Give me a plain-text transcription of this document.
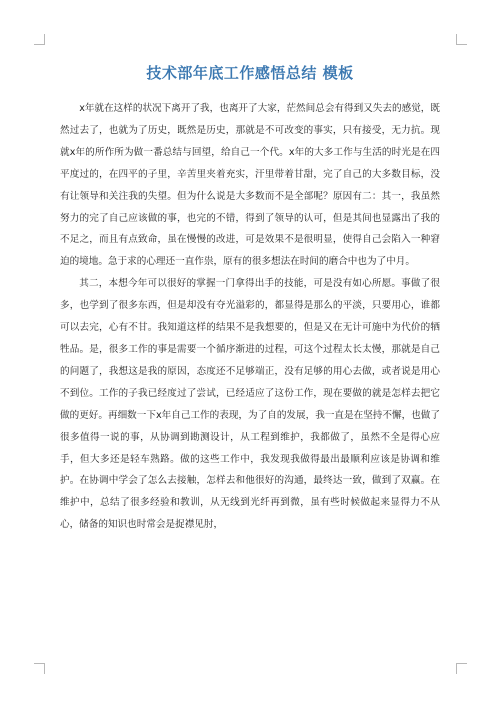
技术部年底工作感悟总结 模板

x年就在这样的状况下离开了我，也离开了大家，茫然间总会有得到又失去的感觉，既然过去了，也就为了历史，既然是历史，那就是不可改变的事实，只有接受，无力抗。现就x年的所作所为做一番总结与回望，给自己一个代。x年的大多工作与生活的时光是在四平度过的，在四平的子里，辛苦里夹着充实，汗里带着甘甜，完了自己的大多数目标，没有让领导和关注我的失望。但为什么说是大多数而不是全部呢？原因有二：其一，我虽然努力的完了自己应该做的事，也完的不错，得到了领导的认可，但是其间也显露出了我的不足之，而且有点致命，虽在慢慢的改进，可是效果不是很明显，使得自己会陷入一种窘迫的境地。急于求的心理还一直作祟，原有的很多想法在时间的磨合中也为了中月。

其二，本想今年可以很好的掌握一门拿得出手的技能，可是没有如心所愿。事做了很多，也学到了很多东西，但是却没有夺光溢彩的，都显得是那么的平淡，只要用心，谁都可以去完，心有不甘。我知道这样的结果不是我想要的，但是又在无计可施中为代价的牺牲品。是，很多工作的事是需要一个循序渐进的过程，可这个过程太长太慢，那就是自己的问题了，我想这是我的原因，态度还不足够端正，没有足够的用心去做，或者说是用心不到位。工作的子我已经度过了尝试，已经适应了这份工作，现在要做的就是怎样去把它做的更好。再细数一下x年自己工作的表现，为了自的发展，我一直是在坚持不懈，也做了很多值得一说的事，从协调到勘测设计，从工程到维护，我都做了，虽然不全是得心应手，但大多还是轻车熟路。做的这些工作中，我发现我做得最出最顺利应该是协调和维护。在协调中学会了怎么去接触，怎样去和他很好的沟通，最终达一致，做到了双赢。在维护中，总结了很多经验和教训，从无线到光纤再到微，虽有些时候做起来显得力不从心，储备的知识也时常会是捉襟见肘，
